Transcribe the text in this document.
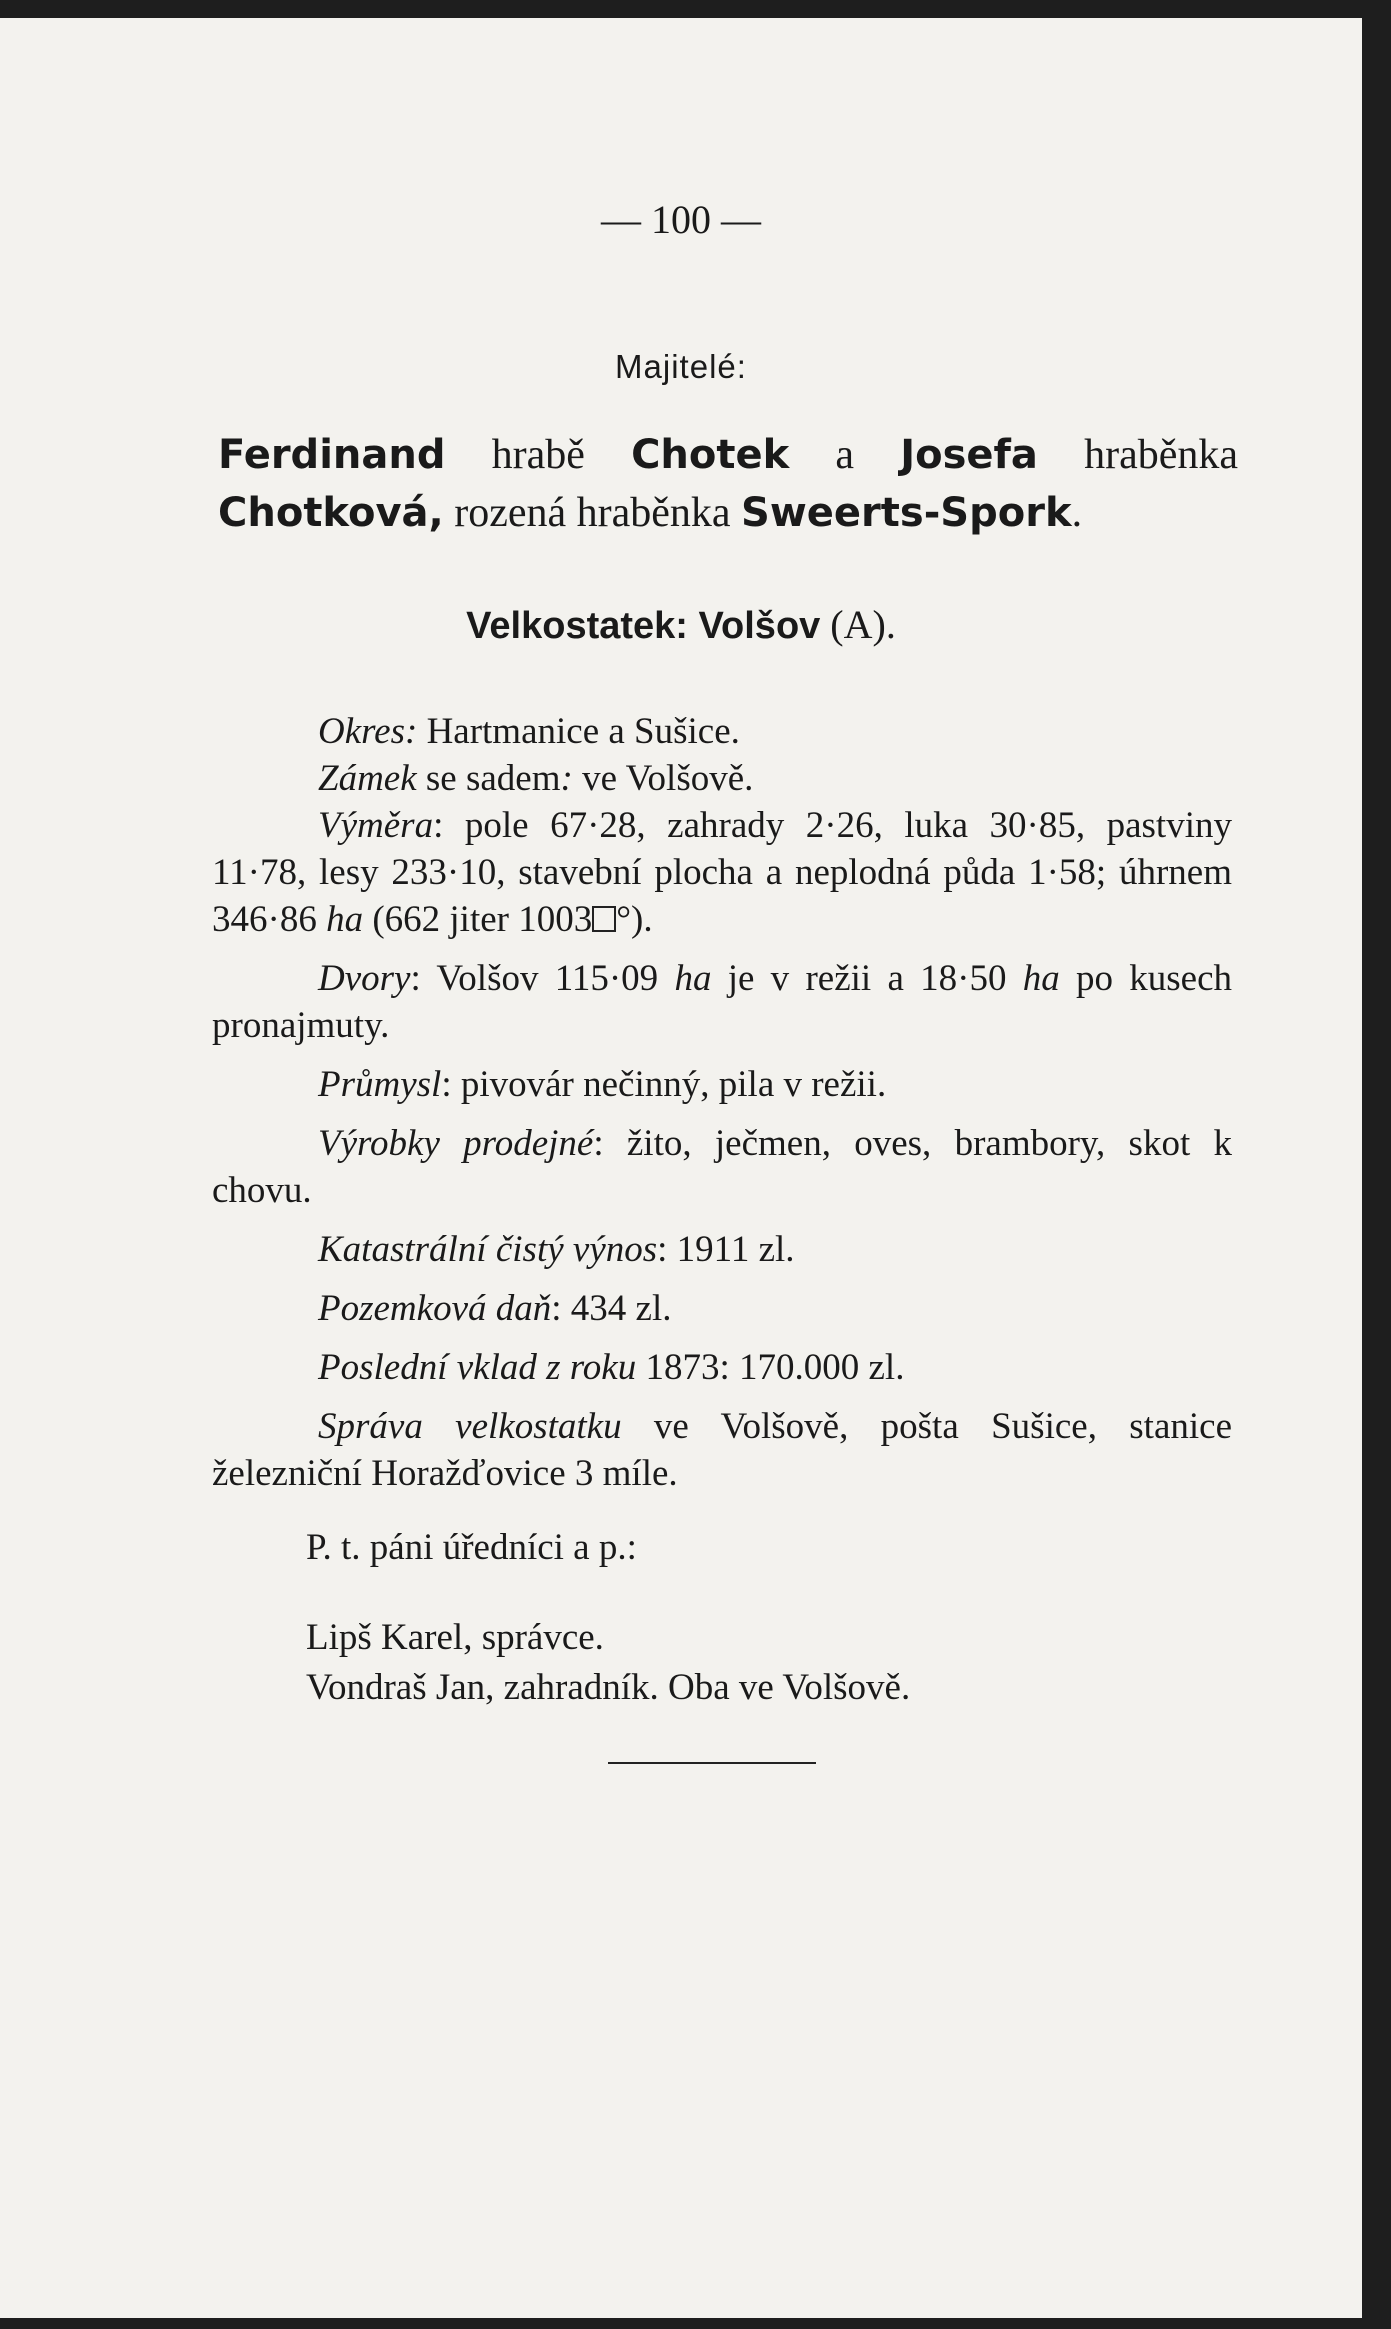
— 100 —
Majitelé:
Ferdinand hrabě Chotek a Josefa hraběnka Chotková, rozená hraběnka Sweerts-Spork.
Velkostatek: Volšov (A).

Okres: Hartmanice a Sušice.

Zámek se sadem: ve Volšově.

Výměra: pole 67·28, zahrady 2·26, luka 30·85, pastviny 11·78, lesy 233·10, stavební plocha a neplodná půda 1·58; úhrnem 346·86 ha (662 jiter 1003 °).

Dvory: Volšov 115·09 ha je v režii a 18·50 ha po kusech pronajmuty.

Průmysl: pivovár nečinný, pila v režii.

Výrobky prodejné: žito, ječmen, oves, brambory, skot k chovu.

Katastrální čistý výnos: 1911 zl.

Pozemková daň: 434 zl.

Poslední vklad z roku 1873: 170.000 zl.

Správa velkostatku ve Volšově, pošta Sušice, stanice železniční Horažďovice 3 míle.

P. t. páni úředníci a p.:

Lipš Karel, správce.

Vondraš Jan, zahradník. Oba ve Volšově.
